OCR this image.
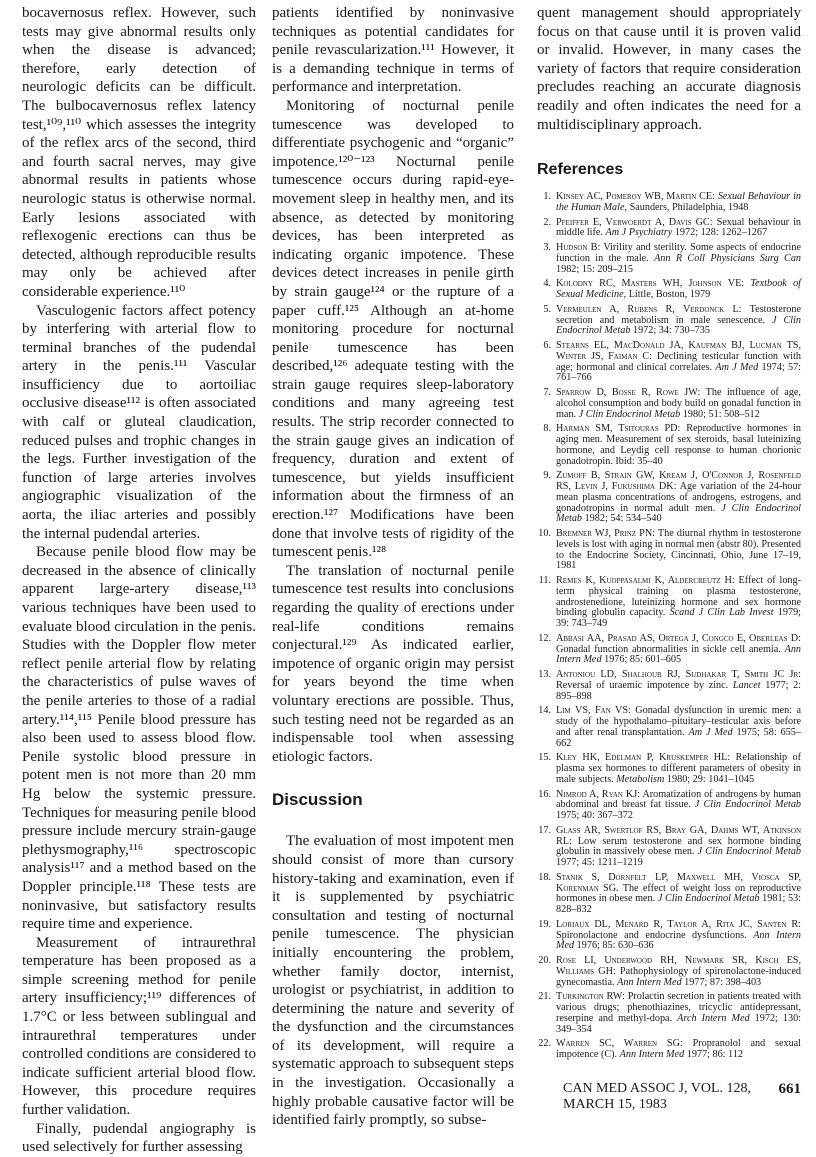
bocavernosus reflex. However, such tests may give abnormal results only when the disease is advanced; therefore, early detection of neurologic deficits can be difficult. The bulbocavernosus reflex latency test,¹⁰⁹,¹¹⁰ which assesses the integrity of the reflex arcs of the second, third and fourth sacral nerves, may give abnormal results in patients whose neurologic status is otherwise normal. Early lesions associated with reflexogenic erections can thus be detected, although reproducible results may only be achieved after considerable experience.¹¹⁰

Vasculogenic factors affect potency by interfering with arterial flow to terminal branches of the pudendal artery in the penis.¹¹¹ Vascular insufficiency due to aortoiliac occlusive disease¹¹² is often associated with calf or gluteal claudication, reduced pulses and trophic changes in the legs. Further investigation of the function of large arteries involves angiographic visualization of the aorta, the iliac arteries and possibly the internal pudendal arteries.

Because penile blood flow may be decreased in the absence of clinically apparent large-artery disease,¹¹³ various techniques have been used to evaluate blood circulation in the penis. Studies with the Doppler flow meter reflect penile arterial flow by relating the characteristics of pulse waves of the penile arteries to those of a radial artery.¹¹⁴,¹¹⁵ Penile blood pressure has also been used to assess blood flow. Penile systolic blood pressure in potent men is not more than 20 mm Hg below the systemic pressure. Techniques for measuring penile blood pressure include mercury strain-gauge plethysmography,¹¹⁶ spectroscopic analysis¹¹⁷ and a method based on the Doppler principle.¹¹⁸ These tests are noninvasive, but satisfactory results require time and experience.

Measurement of intraurethral temperature has been proposed as a simple screening method for penile artery insufficiency;¹¹⁹ differences of 1.7°C or less between sublingual and intraurethral temperatures under controlled conditions are considered to indicate sufficient arterial blood flow. However, this procedure requires further validation.

Finally, pudendal angiography is used selectively for further assessing

patients identified by noninvasive techniques as potential candidates for penile revascularization.¹¹¹ However, it is a demanding technique in terms of performance and interpretation.

Monitoring of nocturnal penile tumescence was developed to differentiate psychogenic and “organic” impotence.¹²⁰⁻¹²³ Nocturnal penile tumescence occurs during rapid-eye-movement sleep in healthy men, and its absence, as detected by monitoring devices, has been interpreted as indicating organic impotence. These devices detect increases in penile girth by strain gauge¹²⁴ or the rupture of a paper cuff.¹²⁵ Although an at-home monitoring procedure for nocturnal penile tumescence has been described,¹²⁶ adequate testing with the strain gauge requires sleep-laboratory conditions and many agreeing test results. The strip recorder connected to the strain gauge gives an indication of frequency, duration and extent of tumescence, but yields insufficient information about the firmness of an erection.¹²⁷ Modifications have been done that involve tests of rigidity of the tumescent penis.¹²⁸

The translation of nocturnal penile tumescence test results into conclusions regarding the quality of erections under real-life conditions remains conjectural.¹²⁹ As indicated earlier, impotence of organic origin may persist for years beyond the time when voluntary erections are possible. Thus, such testing need not be regarded as an indispensable tool when assessing etiologic factors.

Discussion

The evaluation of most impotent men should consist of more than cursory history-taking and examination, even if it is supplemented by psychiatric consultation and testing of nocturnal penile tumescence. The physician initially encountering the problem, whether family doctor, internist, urologist or psychiatrist, in addition to determining the nature and severity of the dysfunction and the circumstances of its development, will require a systematic approach to subsequent steps in the investigation. Occasionally a highly probable causative factor will be identified fairly promptly, so subse-

quent management should appropriately focus on that cause until it is proven valid or invalid. However, in many cases the variety of factors that require consideration precludes reaching an accurate diagnosis readily and often indicates the need for a multidisciplinary approach.

References
1. Kinsey AC, Pomeroy WB, Martin CE: Sexual Behaviour in the Human Male, Saunders, Philadelphia, 1948
2. Pfeiffer E, Verwoerdt A, Davis GC: Sexual behaviour in middle life. Am J Psychiatry 1972; 128: 1262–1267
3. Hudson B: Virility and sterility. Some aspects of endocrine function in the male. Ann R Coll Physicians Surg Can 1982; 15: 209–215
4. Kolodny RC, Masters WH, Johnson VE: Textbook of Sexual Medicine, Little, Boston, 1979
5. Vermeulen A, Rubens R, Verdonck L: Testosterone secretion and metabolism in male senescence. J Clin Endocrinol Metab 1972; 34: 730–735
6. Stearns EL, MacDonald JA, Kaufman BJ, Lucman TS, Winter JS, Faiman C: Declining testicular function with age; hormonal and clinical correlates. Am J Med 1974; 57: 761–766
7. Sparrow D, Bosse R, Rowe JW: The influence of age, alcohol consumption and body build on gonadal function in man. J Clin Endocrinol Metab 1980; 51: 508–512
8. Harman SM, Tsitouras PD: Reproductive hormones in aging men. Measurement of sex steroids, basal luteinizing hormone, and Leydig cell response to human chorionic gonadotropin. Ibid: 35–40
9. Zumoff B, Strain GW, Kream J, O'Connor J, Rosenfeld RS, Levin J, Fukushima DK: Age variation of the 24-hour mean plasma concentrations of androgens, estrogens, and gonadotropins in normal adult men. J Clin Endocrinol Metab 1982; 54: 534–540
10. Bremner WJ, Prinz PN: The diurnal rhythm in testosterone levels is lost with aging in normal men (abstr 80). Presented to the Endocrine Society, Cincinnati, Ohio, June 17–19, 1981
11. Remes K, Kuoppasalmi K, Aldercreutz H: Effect of long-term physical training on plasma testosterone, androstenedione, luteinizing hormone and sex hormone binding globulin capacity. Scand J Clin Lab Invest 1979; 39: 743–749
12. Abbasi AA, Prasad AS, Ortega J, Congco E, Oberleas D: Gonadal function abnormalities in sickle cell anemia. Ann Intern Med 1976; 85: 601–605
13. Antoniou LD, Shalhoub RJ, Sudhakar T, Smith JC Jr: Reversal of uraemic impotence by zinc. Lancet 1977; 2: 895–898
14. Lim VS, Fan VS: Gonadal dysfunction in uremic men: a study of the hypothalamo–pituitary–testicular axis before and after renal transplantation. Am J Med 1975; 58: 655–662
15. Kley HK, Edelman P, Kruskemper HL: Relationship of plasma sex hormones to different parameters of obesity in male subjects. Metabolism 1980; 29: 1041–1045
16. Nimrod A, Ryan KJ: Aromatization of androgens by human abdominal and breast fat tissue. J Clin Endocrinol Metab 1975; 40: 367–372
17. Glass AR, Swertlof RS, Bray GA, Dahms WT, Atkinson RL: Low serum testosterone and sex hormone binding globulin in massively obese men. J Clin Endocrinol Metab 1977; 45: 1211–1219
18. Stanik S, Dornfelt LP, Maxwell MH, Viosca SP, Korenman SG. The effect of weight loss on reproductive hormones in obese men. J Clin Endocrinol Metab 1981; 53: 828–832
19. Loriaux DL, Menard R, Taylor A, Rita JC, Santen R: Spironolactone and endocrine dysfunctions. Ann Intern Med 1976; 85: 630–636
20. Rose LI, Underwood RH, Newmark SR, Kisch ES, Williams GH: Pathophysiology of spironolactone-induced gynecomastia. Ann Intern Med 1977; 87: 398–403
21. Turkington RW: Prolactin secretion in patients treated with various drugs; phenothiazines, tricyclic antidepressant, reserpine and methyl-dopa. Arch Intern Med 1972; 130: 349–354
22. Warren SC, Warren SG: Propranolol and sexual impotence (C). Ann Intern Med 1977; 86: 112
CAN MED ASSOC J, VOL. 128, MARCH 15, 1983
661
